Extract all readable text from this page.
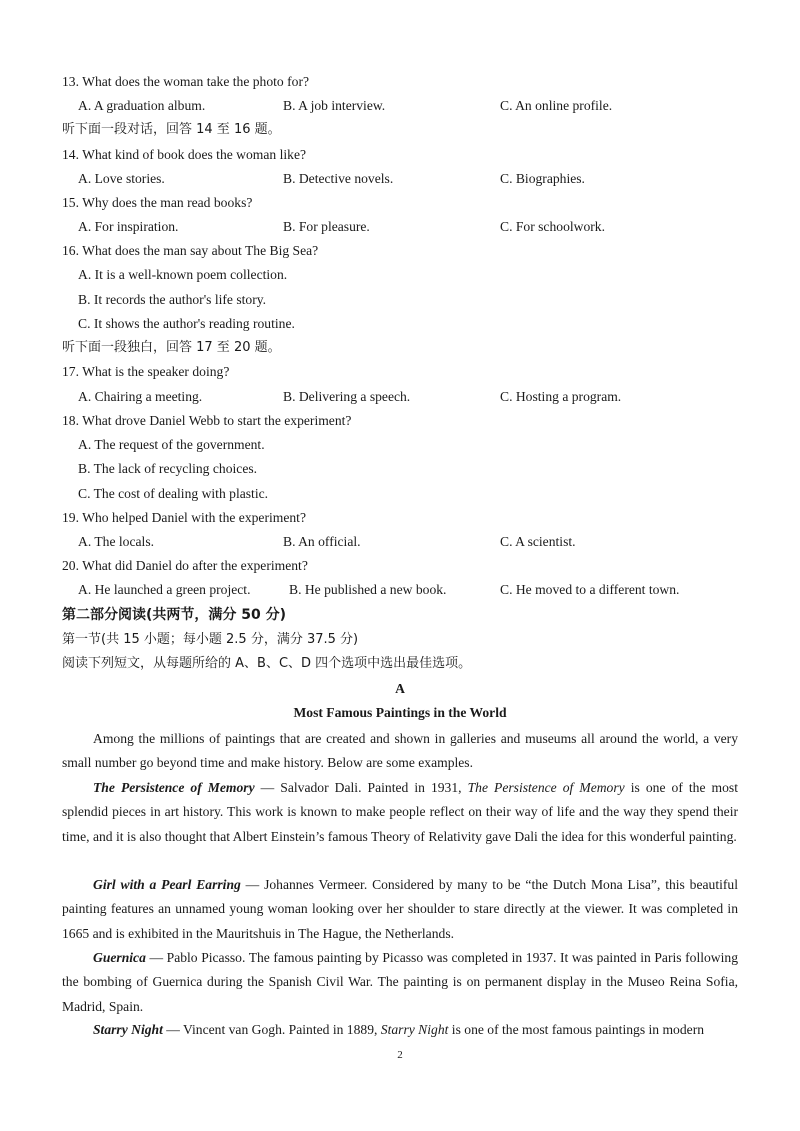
13. What does the woman take the photo for?
A. A graduation album.	B. A job interview.	C. An online profile.
听下面一段对话，回答 14 至 16 题。
14. What kind of book does the woman like?
A. Love stories.	B. Detective novels.	C. Biographies.
15. Why does the man read books?
A. For inspiration.	B. For pleasure.	C. For schoolwork.
16. What does the man say about The Big Sea?
A. It is a well-known poem collection.
B. It records the author's life story.
C. It shows the author's reading routine.
听下面一段独白，回答 17 至 20 题。
17. What is the speaker doing?
A. Chairing a meeting.	B. Delivering a speech.	C. Hosting a program.
18. What drove Daniel Webb to start the experiment?
A. The request of the government.
B. The lack of recycling choices.
C. The cost of dealing with plastic.
19. Who helped Daniel with the experiment?
A. The locals.	B. An official.	C. A scientist.
20. What did Daniel do after the experiment?
A. He launched a green project.	B. He published a new book.	C. He moved to a different town.
第二部分阅读(共两节，满分 50 分)
第一节(共 15 小题；每小题 2.5 分，满分 37.5 分)
阅读下列短文，从每题所给的 A、B、C、D 四个选项中选出最佳选项。
A
Most Famous Paintings in the World
Among the millions of paintings that are created and shown in galleries and museums all around the world, a very small number go beyond time and make history. Below are some examples.
The Persistence of Memory — Salvador Dali. Painted in 1931, The Persistence of Memory is one of the most splendid pieces in art history. This work is known to make people reflect on their way of life and the way they spend their time, and it is also thought that Albert Einstein’s famous Theory of Relativity gave Dali the idea for this wonderful painting.
Girl with a Pearl Earring — Johannes Vermeer. Considered by many to be “the Dutch Mona Lisa”, this beautiful painting features an unnamed young woman looking over her shoulder to stare directly at the viewer. It was completed in 1665 and is exhibited in the Mauritshuis in The Hague, the Netherlands.
Guernica — Pablo Picasso. The famous painting by Picasso was completed in 1937. It was painted in Paris following the bombing of Guernica during the Spanish Civil War. The painting is on permanent display in the Museo Reina Sofia, Madrid, Spain.
Starry Night — Vincent van Gogh. Painted in 1889, Starry Night is one of the most famous paintings in modern
2
